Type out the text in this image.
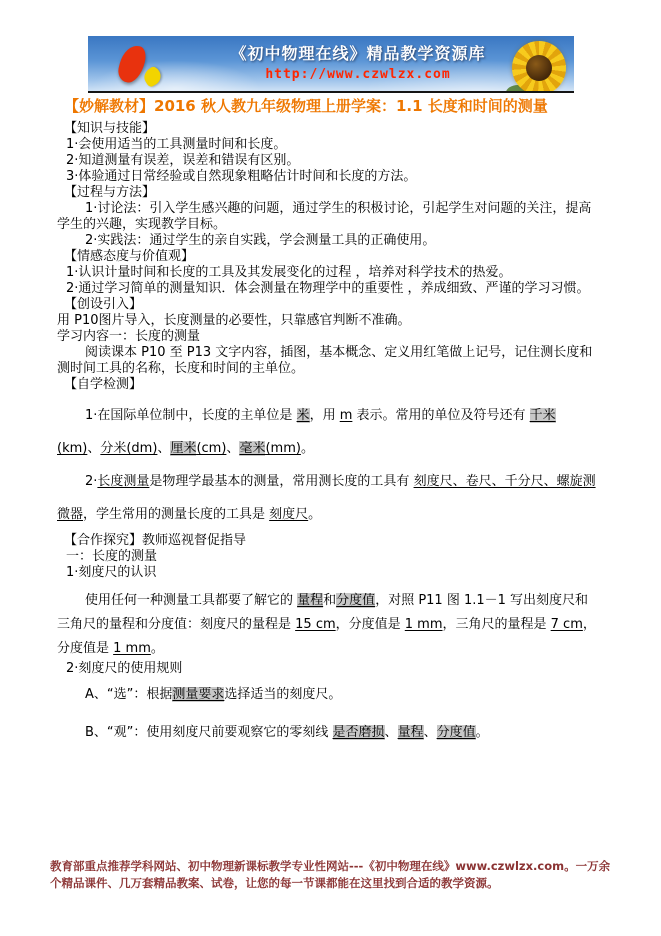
《初中物理在线》精品教学资源库
http://www.czwlzx.com
【妙解教材】2016 秋人教九年级物理上册学案：1.1 长度和时间的测量

【知识与技能】

1·会使用适当的工具测量时间和长度。

2·知道测量有误差，误差和错误有区别。

3·体验通过日常经验或自然现象粗略估计时间和长度的方法。

【过程与方法】

1·讨论法：引入学生感兴趣的问题，通过学生的积极讨论，引起学生对问题的关注，提高学生的兴趣，实现教学目标。

2·实践法：通过学生的亲自实践，学会测量工具的正确使用。

【情感态度与价值观】

1·认识计量时间和长度的工具及其发展变化的过程 ，培养对科学技术的热爱。

2·通过学习简单的测量知识．体会测量在物理学中的重要性 ，养成细致、严谨的学习习惯。

【创设引入】

用 P10图片导入，长度测量的必要性，只靠感官判断不准确。

学习内容一：长度的测量

阅读课本 P10 至 P13 文字内容，插图，基本概念、定义用红笔做上记号，记住测长度和测时间工具的名称，长度和时间的主单位。

【自学检测】

1·在国际单位制中，长度的主单位是 米，用 m 表示。常用的单位及符号还有 千米(km)、分米(dm)、厘米(cm)、毫米(mm)。

2·长度测量是物理学最基本的测量，常用测长度的工具有 刻度尺、卷尺、千分尺、螺旋测微器，学生常用的测量长度的工具是 刻度尺。

【合作探究】教师巡视督促指导

一：长度的测量

1·刻度尺的认识

使用任何一种测量工具都要了解它的 量程和分度值，对照 P11 图 1.1－1 写出刻度尺和三角尺的量程和分度值：刻度尺的量程是 15 cm，分度值是 1 mm，三角尺的量程是 7 cm，分度值是 1 mm。

2·刻度尺的使用规则

A、“选”：根据测量要求选择适当的刻度尺。

B、“观”：使用刻度尺前要观察它的零刻线 是否磨损、量程、分度值。

教育部重点推荐学科网站、初中物理新课标教学专业性网站---《初中物理在线》www.czwlzx.com。一万余个精品课件、几万套精品教案、试卷，让您的每一节课都能在这里找到合适的教学资源。
